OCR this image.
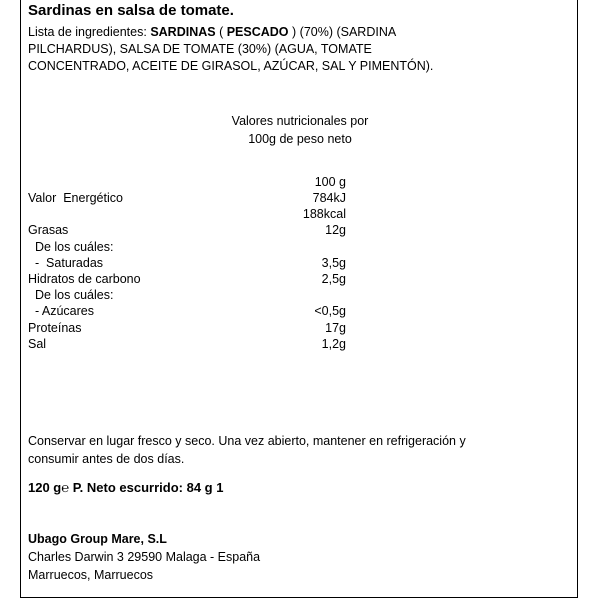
Sardinas en salsa de tomate.
Lista de ingredientes: SARDINAS ( PESCADO ) (70%) (SARDINA
PILCHARDUS), SALSA DE TOMATE (30%) (AGUA, TOMATE
CONCENTRADO, ACEITE DE GIRASOL, AZÚCAR, SAL Y PIMENTÓN).
Valores nutricionales por
100g de peso neto
100 g
Valor  Energético	784kJ
188kcal
Grasas	12g
De los cuáles:
-  Saturadas	3,5g
Hidratos de carbono	2,5g
De los cuáles:
- Azúcares	<0,5g
Proteínas	17g
Sal	1,2g
Conservar en lugar fresco y seco. Una vez abierto, mantener en refrigeración y
consumir antes de dos días.
120 g℮ P. Neto escurrido: 84 g 1
Ubago Group Mare, S.L
Charles Darwin 3 29590 Malaga - España
Marruecos, Marruecos
